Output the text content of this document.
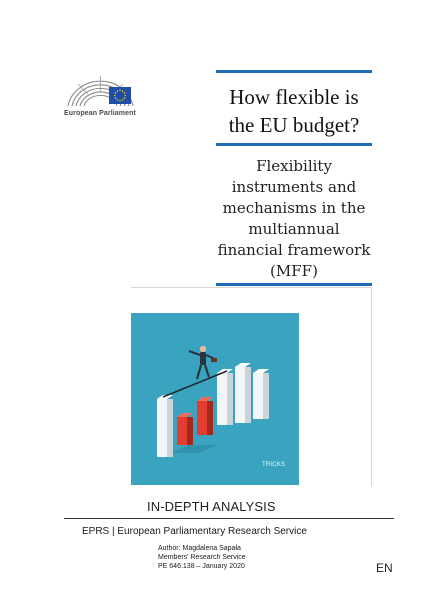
European Parliament
How flexible is the EU budget?
Flexibility instruments and mechanisms in the multiannual financial framework (MFF)
TRICKS
IN-DEPTH ANALYSIS
EPRS | European Parliamentary Research Service
Author: Magdalena Sapała
Members' Research Service
PE 646.138 – January 2020	EN
